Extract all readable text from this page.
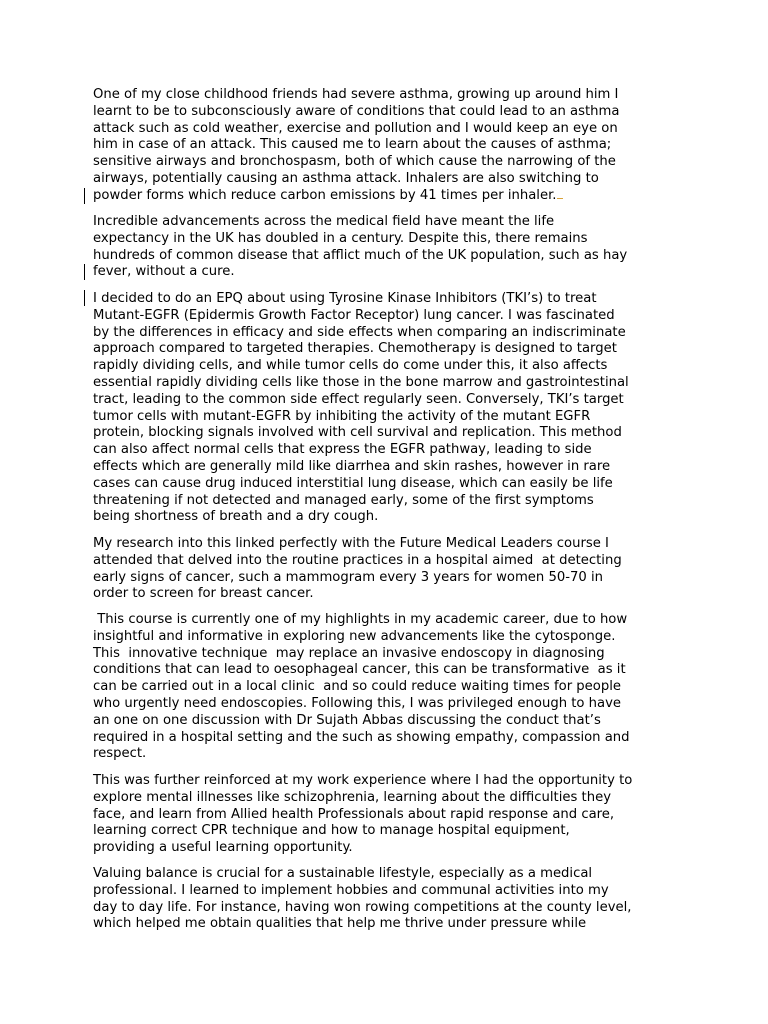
One of my close childhood friends had severe asthma, growing up around him I
learnt to be to subconsciously aware of conditions that could lead to an asthma
attack such as cold weather, exercise and pollution and I would keep an eye on
him in case of an attack. This caused me to learn about the causes of asthma;
sensitive airways and bronchospasm, both of which cause the narrowing of the
airways, potentially causing an asthma attack. Inhalers are also switching to
powder forms which reduce carbon emissions by 41 times per inhaler.
Incredible advancements across the medical field have meant the life
expectancy in the UK has doubled in a century. Despite this, there remains
hundreds of common disease that afflict much of the UK population, such as hay
fever, without a cure.
I decided to do an EPQ about using Tyrosine Kinase Inhibitors (TKI’s) to treat
Mutant-EGFR (Epidermis Growth Factor Receptor) lung cancer. I was fascinated
by the differences in efficacy and side effects when comparing an indiscriminate
approach compared to targeted therapies. Chemotherapy is designed to target
rapidly dividing cells, and while tumor cells do come under this, it also affects
essential rapidly dividing cells like those in the bone marrow and gastrointestinal
tract, leading to the common side effect regularly seen. Conversely, TKI’s target
tumor cells with mutant-EGFR by inhibiting the activity of the mutant EGFR
protein, blocking signals involved with cell survival and replication. This method
can also affect normal cells that express the EGFR pathway, leading to side
effects which are generally mild like diarrhea and skin rashes, however in rare
cases can cause drug induced interstitial lung disease, which can easily be life
threatening if not detected and managed early, some of the first symptoms
being shortness of breath and a dry cough.
My research into this linked perfectly with the Future Medical Leaders course I
attended that delved into the routine practices in a hospital aimed  at detecting
early signs of cancer, such a mammogram every 3 years for women 50-70 in
order to screen for breast cancer.
This course is currently one of my highlights in my academic career, due to how
insightful and informative in exploring new advancements like the cytosponge.
This  innovative technique  may replace an invasive endoscopy in diagnosing
conditions that can lead to oesophageal cancer, this can be transformative  as it
can be carried out in a local clinic  and so could reduce waiting times for people
who urgently need endoscopies. Following this, I was privileged enough to have
an one on one discussion with Dr Sujath Abbas discussing the conduct that’s
required in a hospital setting and the such as showing empathy, compassion and
respect.
This was further reinforced at my work experience where I had the opportunity to
explore mental illnesses like schizophrenia, learning about the difficulties they
face, and learn from Allied health Professionals about rapid response and care,
learning correct CPR technique and how to manage hospital equipment,
providing a useful learning opportunity.
Valuing balance is crucial for a sustainable lifestyle, especially as a medical
professional. I learned to implement hobbies and communal activities into my
day to day life. For instance, having won rowing competitions at the county level,
which helped me obtain qualities that help me thrive under pressure while
